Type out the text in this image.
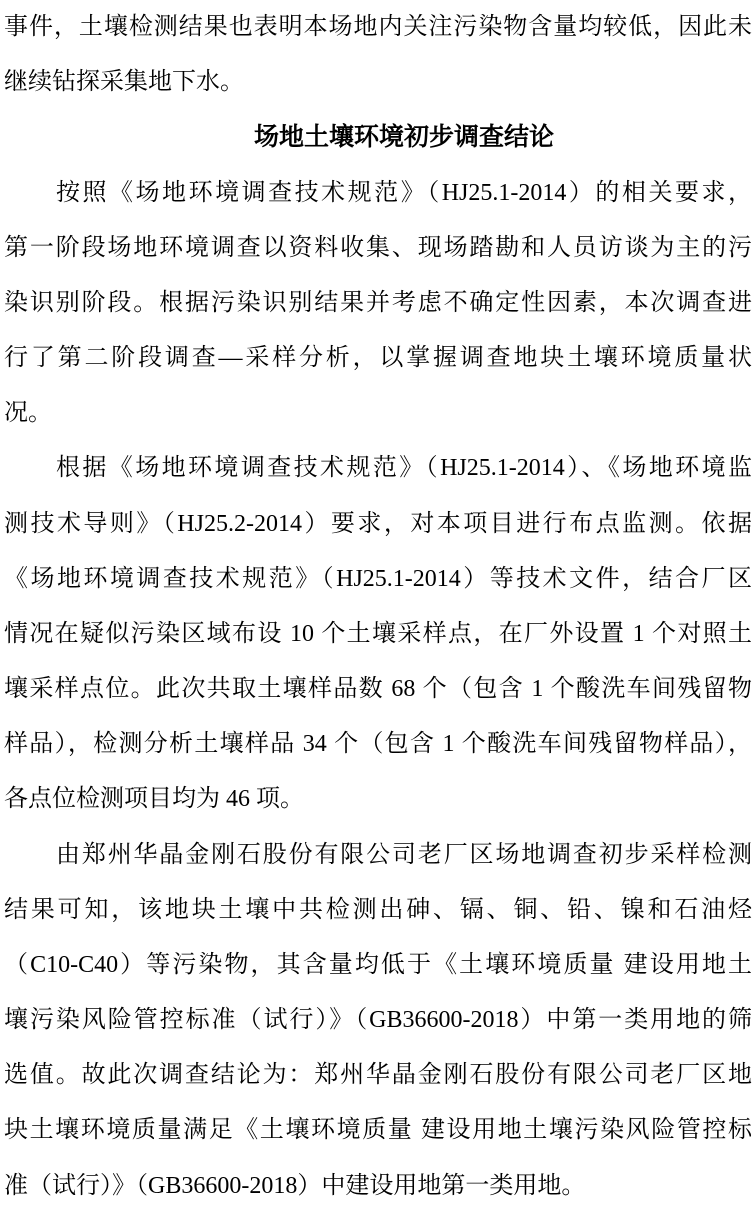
事件，土壤检测结果也表明本场地内关注污染物含量均较低，因此未
继续钻探采集地下水。
场地土壤环境初步调查结论
按照《场地环境调查技术规范》（HJ25.1-2014）的相关要求，
第一阶段场地环境调查以资料收集、现场踏勘和人员访谈为主的污
染识别阶段。根据污染识别结果并考虑不确定性因素，本次调查进
行了第二阶段调查—采样分析，以掌握调查地块土壤环境质量状
况。
根据《场地环境调查技术规范》（HJ25.1-2014）、《场地环境监
测技术导则》（HJ25.2-2014）要求，对本项目进行布点监测。依据
《场地环境调查技术规范》（HJ25.1-2014）等技术文件，结合厂区
情况在疑似污染区域布设 10 个土壤采样点，在厂外设置 1 个对照土
壤采样点位。此次共取土壤样品数 68 个（包含 1 个酸洗车间残留物
样品），检测分析土壤样品 34 个（包含 1 个酸洗车间残留物样品），
各点位检测项目均为 46 项。
由郑州华晶金刚石股份有限公司老厂区场地调查初步采样检测
结果可知，该地块土壤中共检测出砷、镉、铜、铅、镍和石油烃
（C10-C40）等污染物，其含量均低于《土壤环境质量 建设用地土
壤污染风险管控标准（试行）》（GB36600-2018）中第一类用地的筛
选值。故此次调查结论为：郑州华晶金刚石股份有限公司老厂区地
块土壤环境质量满足《土壤环境质量 建设用地土壤污染风险管控标
准（试行）》（GB36600-2018）中建设用地第一类用地。
